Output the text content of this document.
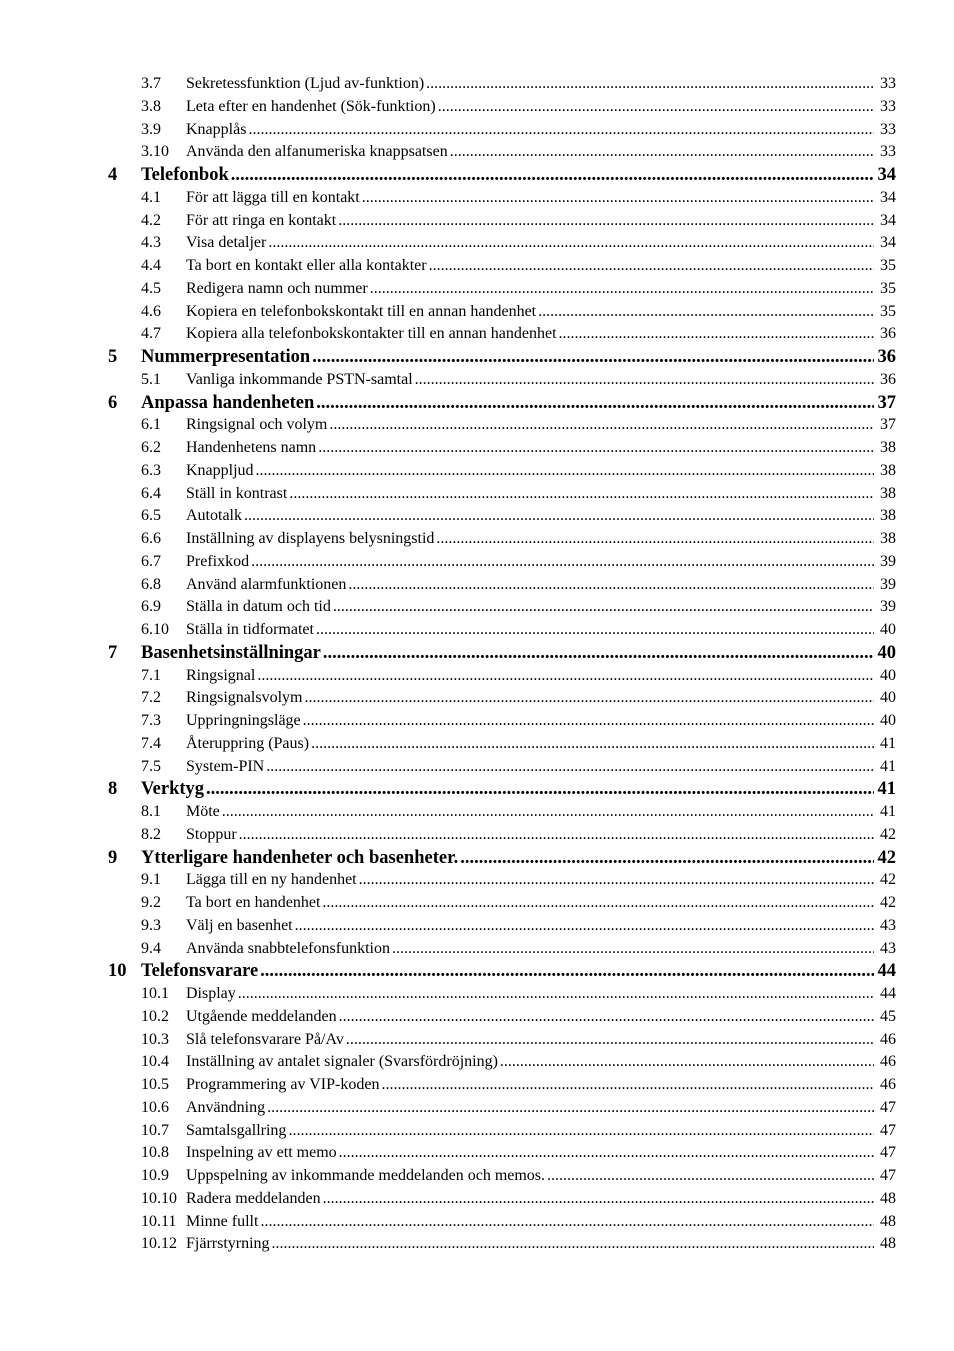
3.7 Sekretessfunktion (Ljud av-funktion) .....	33
3.8 Leta efter en handenhet (Sök-funktion) .....	33
3.9 Knapplås .....	33
3.10 Använda den alfanumeriska knappsatsen .....	33
4 Telefonbok .....	34
4.1 För att lägga till en kontakt .....	34
4.2 För att ringa en kontakt .....	34
4.3 Visa detaljer .....	34
4.4 Ta bort en kontakt eller alla kontakter .....	35
4.5 Redigera namn och nummer .....	35
4.6 Kopiera en telefonbokskontakt till en annan handenhet .....	35
4.7 Kopiera alla telefonbokskontakter till en annan handenhet .....	36
5 Nummerpresentation .....	36
5.1 Vanliga inkommande PSTN-samtal .....	36
6 Anpassa handenheten .....	37
6.1 Ringsignal och volym .....	37
6.2 Handenhetens namn .....	38
6.3 Knappljud .....	38
6.4 Ställ in kontrast .....	38
6.5 Autotalk .....	38
6.6 Inställning av displayens belysningstid .....	38
6.7 Prefixkod .....	39
6.8 Använd alarmfunktionen .....	39
6.9 Ställa in datum och tid .....	39
6.10 Ställa in tidformatet .....	40
7 Basenhetsinställningar .....	40
7.1 Ringsignal .....	40
7.2 Ringsignalsvolym .....	40
7.3 Uppringningsläge .....	40
7.4 Återuppring (Paus) .....	41
7.5 System-PIN .....	41
8 Verktyg .....	41
8.1 Möte .....	41
8.2 Stoppur .....	42
9 Ytterligare handenheter och basenheter. .....	42
9.1 Lägga till en ny handenhet .....	42
9.2 Ta bort en handenhet .....	42
9.3 Välj en basenhet .....	43
9.4 Använda snabbtelefonsfunktion .....	43
10 Telefonsvarare .....	44
10.1 Display .....	44
10.2 Utgående meddelanden .....	45
10.3 Slå telefonsvarare På/Av .....	46
10.4 Inställning av antalet signaler (Svarsfördröjning) .....	46
10.5 Programmering av VIP-koden .....	46
10.6 Användning .....	47
10.7 Samtalsgallring .....	47
10.8 Inspelning av ett memo .....	47
10.9 Uppspelning av inkommande meddelanden och memos. .....	47
10.10 Radera meddelanden .....	48
10.11 Minne fullt .....	48
10.12 Fjärrstyrning .....	48
